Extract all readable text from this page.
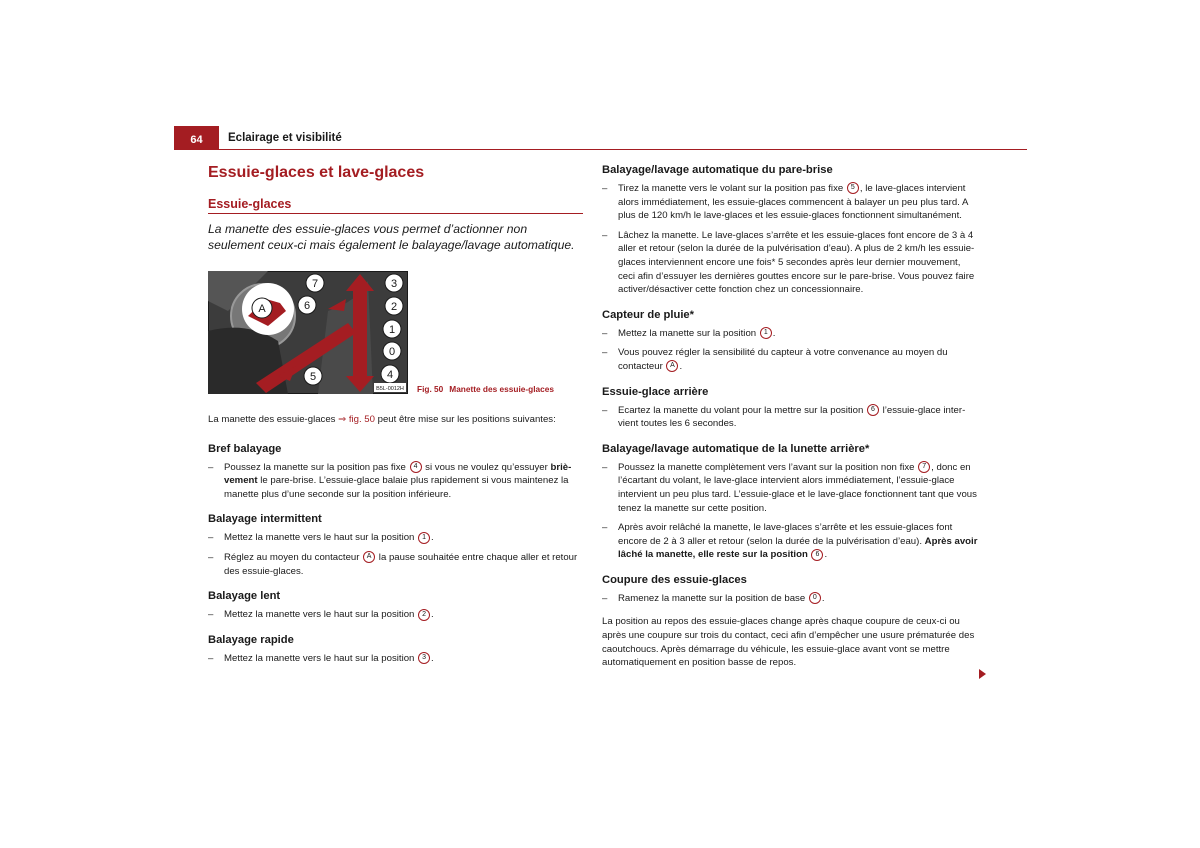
64	Eclairage et visibilité
Essuie-glaces et lave-glaces
Essuie-glaces

La manette des essuie-glaces vous permet d’actionner non seulement ceux-ci mais également le balayage/lavage automatique.

A
7
6
3
2
1
0
4
5
B5L-0012H Fig. 50 Manette des essuie-glaces

La manette des essuie-glaces ⇒ fig. 50 peut être mise sur les positions suivantes:

Bref balayage
– Poussez la manette sur la position pas fixe 4 si vous ne voulez qu’essuyer briè-vement le pare-brise. L’essuie-glace balaie plus rapidement si vous maintenez la manette plus d’une seconde sur la position inférieure.
Balayage intermittent
– Mettez la manette vers le haut sur la position 1 .
– Réglez au moyen du contacteur A la pause souhaitée entre chaque aller et retour des essuie-glaces.
Balayage lent
– Mettez la manette vers le haut sur la position 2 .
Balayage rapide
– Mettez la manette vers le haut sur la position 3 .
Balayage/lavage automatique du pare-brise
– Tirez la manette vers le volant sur la position pas fixe 5 , le lave-glaces intervient alors immédiatement, les essuie-glaces commencent à balayer un peu plus tard. A plus de 120 km/h le lave-glaces et les essuie-glaces fonctionnent simultanément.
– Lâchez la manette. Le lave-glaces s’arrête et les essuie-glaces font encore de 3 à 4 aller et retour (selon la durée de la pulvérisation d’eau). A plus de 2 km/h les essuie-glaces interviennent encore une fois* 5 secondes après leur dernier mouvement, ceci afin d’essuyer les dernières gouttes encore sur le pare-brise. Vous pouvez faire activer/désactiver cette fonction chez un concessionnaire.
Capteur de pluie*
– Mettez la manette sur la position 1 .
– Vous pouvez régler la sensibilité du capteur à votre convenance au moyen du contacteur A .
Essuie-glace arrière
– Ecartez la manette du volant pour la mettre sur la position 6 l’essuie-glace inter-vient toutes les 6 secondes.
Balayage/lavage automatique de la lunette arrière*
– Poussez la manette complètement vers l’avant sur la position non fixe 7 , donc en l’écartant du volant, le lave-glace intervient alors immédiatement, l’essuie-glace intervient un peu plus tard. L’essuie-glace et le lave-glace fonctionnent tant que vous tenez la manette sur cette position.
– Après avoir relâché la manette, le lave-glaces s’arrête et les essuie-glaces font encore de 2 à 3 aller et retour (selon la durée de la pulvérisation d’eau). Après avoir lâché la manette, elle reste sur la position 6 .
Coupure des essuie-glaces
– Ramenez la manette sur la position de base 0 .

La position au repos des essuie-glaces change après chaque coupure de ceux-ci ou après une coupure sur trois du contact, ceci afin d’empêcher une usure prématurée des caoutchoucs. Après démarrage du véhicule, les essuie-glace avant vont se mettre automatiquement en position basse de repos.
